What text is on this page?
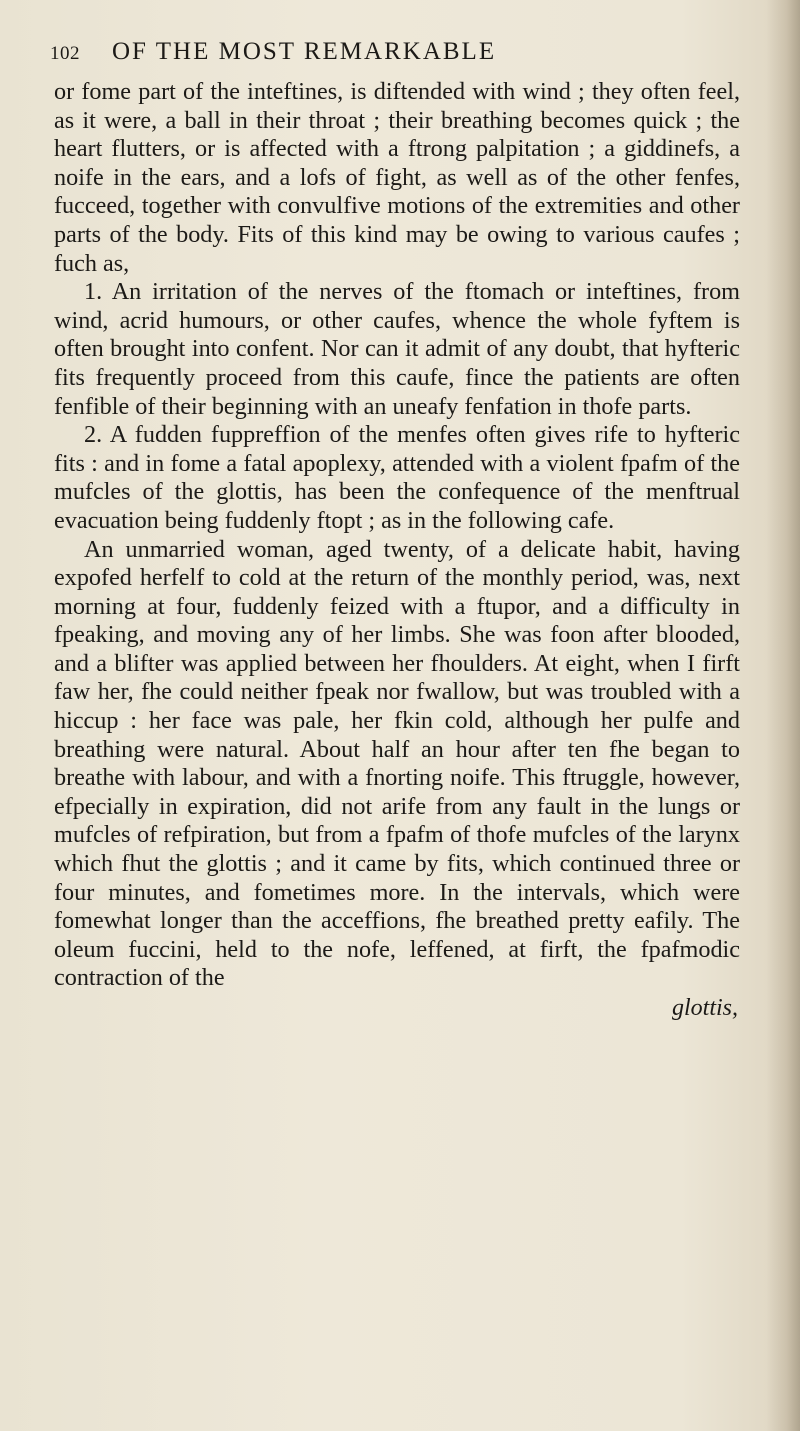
102	OF THE MOST REMARKABLE

or fome part of the inteftines, is diftended with wind ; they often feel, as it were, a ball in their throat ; their breathing becomes quick ; the heart flutters, or is affected with a ftrong palpitation ; a giddinefs, a noife in the ears, and a lofs of fight, as well as of the other fenfes, fucceed, together with convulfive motions of the extremities and other parts of the body. Fits of this kind may be owing to various caufes ; fuch as,

1. An irritation of the nerves of the ftomach or inteftines, from wind, acrid humours, or other caufes, whence the whole fyftem is often brought into confent. Nor can it admit of any doubt, that hyfteric fits frequently proceed from this caufe, fince the patients are often fenfible of their beginning with an uneafy fenfation in thofe parts.

2. A fudden fuppreffion of the menfes often gives rife to hyfteric fits : and in fome a fatal apoplexy, attended with a violent fpafm of the mufcles of the glottis, has been the confequence of the menftrual evacuation being fuddenly ftopt ; as in the following cafe.

An unmarried woman, aged twenty, of a delicate habit, having expofed herfelf to cold at the return of the monthly period, was, next morning at four, fuddenly feized with a ftupor, and a difficulty in fpeaking, and moving any of her limbs. She was foon after blooded, and a blifter was applied between her fhoulders. At eight, when I firft faw her, fhe could neither fpeak nor fwallow, but was troubled with a hiccup : her face was pale, her fkin cold, although her pulfe and breathing were natural. About half an hour after ten fhe began to breathe with labour, and with a fnorting noife. This ftruggle, however, efpecially in expiration, did not arife from any fault in the lungs or mufcles of refpiration, but from a fpafm of thofe mufcles of the larynx which fhut the glottis ; and it came by fits, which continued three or four minutes, and fometimes more. In the intervals, which were fomewhat longer than the acceffions, fhe breathed pretty eafily. The oleum fuccini, held to the nofe, leffened, at firft, the fpafmodic contraction of the

glottis,
